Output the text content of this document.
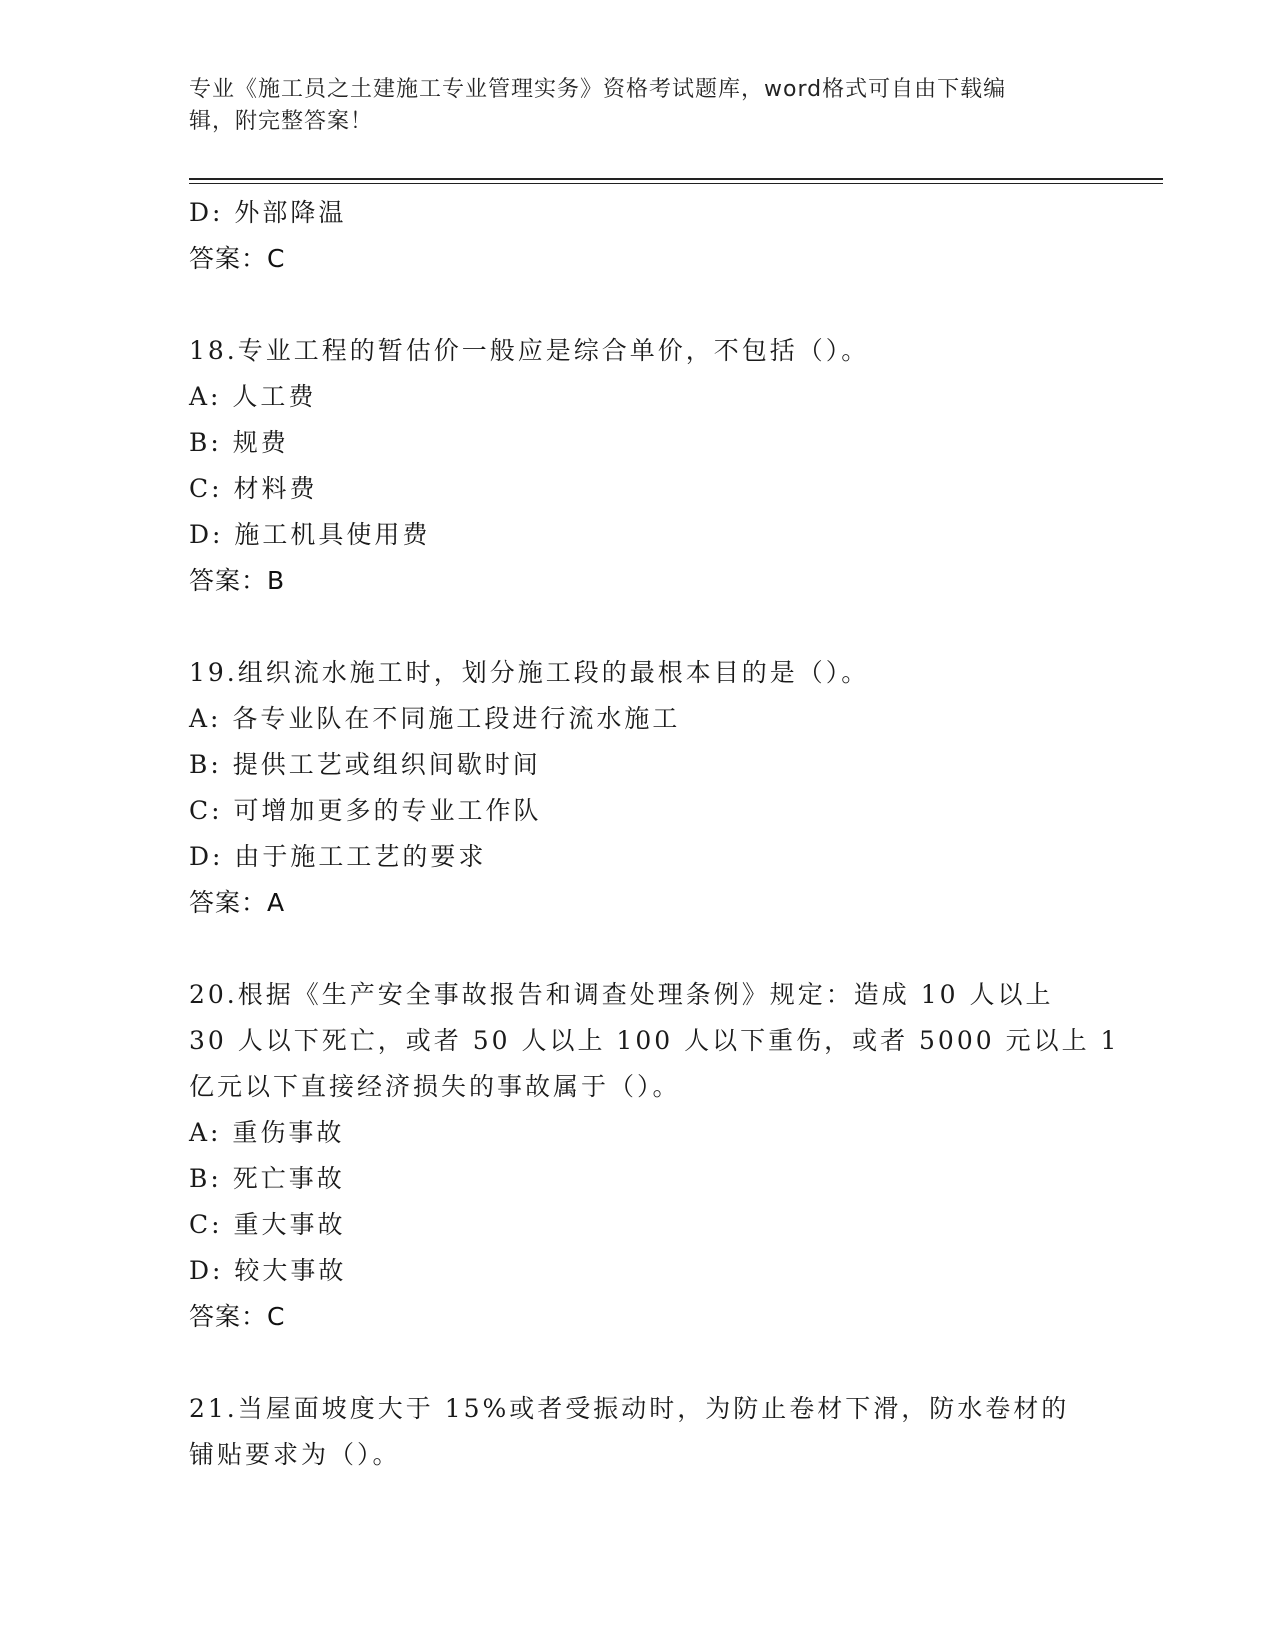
专业《施工员之土建施工专业管理实务》资格考试题库，word格式可自由下载编
辑，附完整答案！
D: 外部降温
答案：C
18.专业工程的暂估价一般应是综合单价，不包括（）。
A: 人工费
B: 规费
C: 材料费
D: 施工机具使用费
答案：B
19.组织流水施工时，划分施工段的最根本目的是（）。
A: 各专业队在不同施工段进行流水施工
B: 提供工艺或组织间歇时间
C: 可增加更多的专业工作队
D: 由于施工工艺的要求
答案：A
20.根据《生产安全事故报告和调查处理条例》规定：造成 10 人以上
30 人以下死亡，或者 50 人以上 100 人以下重伤，或者 5000 元以上 1
亿元以下直接经济损失的事故属于（）。
A: 重伤事故
B: 死亡事故
C: 重大事故
D: 较大事故
答案：C
21.当屋面坡度大于 15%或者受振动时，为防止卷材下滑，防水卷材的
铺贴要求为（）。
